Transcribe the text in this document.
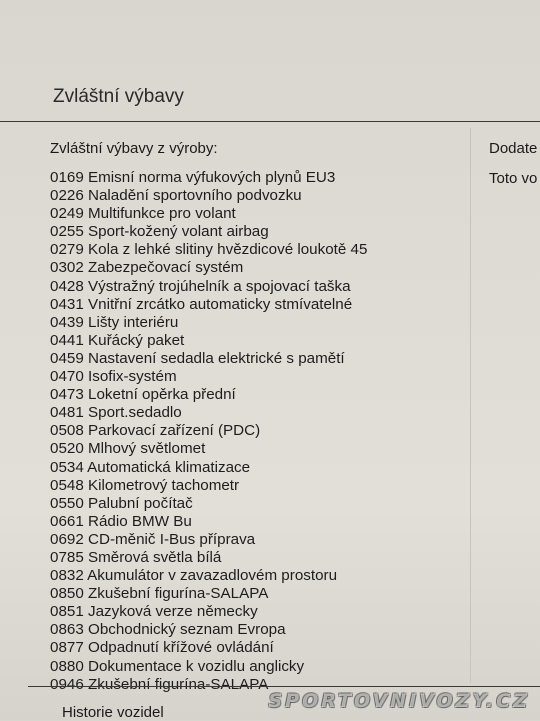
Zvláštní výbavy
Zvláštní výbavy z výroby:	Dodate
Toto vo
0169 Emisní norma výfukových plynů EU3
0226 Naladění sportovního podvozku
0249 Multifunkce pro volant
0255 Sport-kožený volant airbag
0279 Kola z lehké slitiny hvězdicové loukotě 45
0302 Zabezpečovací systém
0428 Výstražný trojúhelník a spojovací taška
0431 Vnitřní zrcátko automaticky stmívatelné
0439 Lišty interiéru
0441 Kuřácký paket
0459 Nastavení sedadla elektrické s pamětí
0470 Isofix-systém
0473 Loketní opěrka přední
0481 Sport.sedadlo
0508 Parkovací zařízení (PDC)
0520 Mlhový světlomet
0534 Automatická klimatizace
0548 Kilometrový tachometr
0550 Palubní počítač
0661 Rádio BMW Bu
0692 CD-měnič I-Bus příprava
0785 Směrová světla bílá
0832 Akumulátor v zavazadlovém prostoru
0850 Zkušební figurína-SALAPA
0851 Jazyková verze německy
0863 Obchodnický seznam Evropa
0877 Odpadnutí křížové ovládání
0880 Dokumentace k vozidlu anglicky
0946 Zkušební figurína-SALAPA
Historie vozidel
SPORTOVNIVOZY.CZ
